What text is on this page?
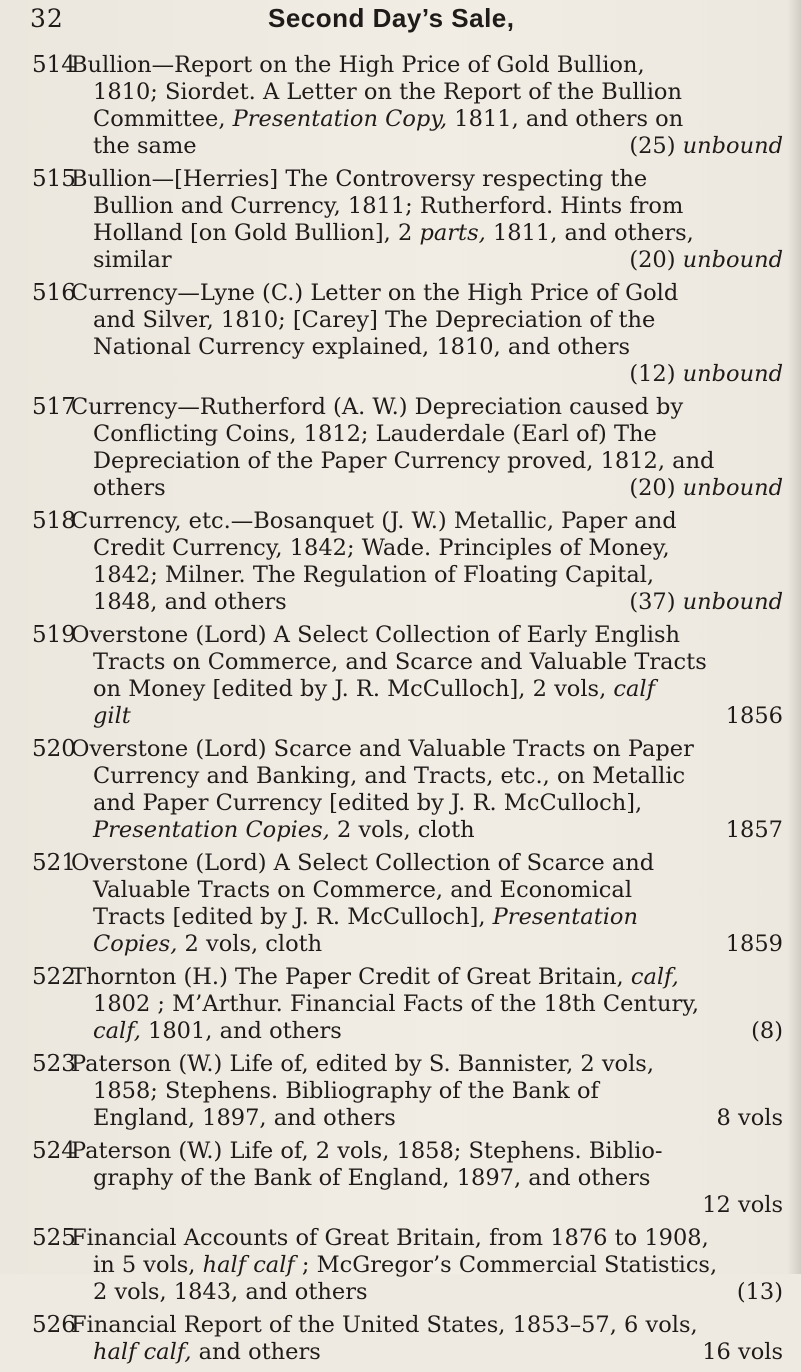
32	Second Day’s Sale,
514
Bullion—Report on the High Price of Gold Bullion,
1810; Siordet. A Letter on the Report of the Bullion
Committee, Presentation Copy, 1811, and others on
the same	(25) unbound
515
Bullion—[Herries] The Controversy respecting the
Bullion and Currency, 1811; Rutherford. Hints from
Holland [on Gold Bullion], 2 parts, 1811, and others,
similar	(20) unbound
516
Currency—Lyne (C.) Letter on the High Price of Gold
and Silver, 1810; [Carey] The Depreciation of the
National Currency explained, 1810, and others
(12) unbound

517
Currency—Rutherford (A. W.) Depreciation caused by
Conflicting Coins, 1812; Lauderdale (Earl of) The
Depreciation of the Paper Currency proved, 1812, and
others	(20) unbound
518
Currency, etc.—Bosanquet (J. W.) Metallic, Paper and
Credit Currency, 1842; Wade. Principles of Money,
1842; Milner. The Regulation of Floating Capital,
1848, and others	(37) unbound
519
Overstone (Lord) A Select Collection of Early English
Tracts on Commerce, and Scarce and Valuable Tracts
on Money [edited by J. R. McCulloch], 2 vols, calf
gilt	1856
520
Overstone (Lord) Scarce and Valuable Tracts on Paper
Currency and Banking, and Tracts, etc., on Metallic
and Paper Currency [edited by J. R. McCulloch],
Presentation Copies, 2 vols, cloth	1857
521
Overstone (Lord) A Select Collection of Scarce and
Valuable Tracts on Commerce, and Economical
Tracts [edited by J. R. McCulloch], Presentation
Copies, 2 vols, cloth	1859
522
Thornton (H.) The Paper Credit of Great Britain, calf,
1802 ; M’Arthur. Financial Facts of the 18th Century,
calf, 1801, and others	(8)
523
Paterson (W.) Life of, edited by S. Bannister, 2 vols,
1858; Stephens. Bibliography of the Bank of
England, 1897, and others	8 vols
524
Paterson (W.) Life of, 2 vols, 1858; Stephens. Biblio-
graphy of the Bank of England, 1897, and others
12 vols

525
Financial Accounts of Great Britain, from 1876 to 1908,
in 5 vols, half calf ; McGregor’s Commercial Statistics,
2 vols, 1843, and others	(13)
526
Financial Report of the United States, 1853–57, 6 vols,
half calf, and others	16 vols
